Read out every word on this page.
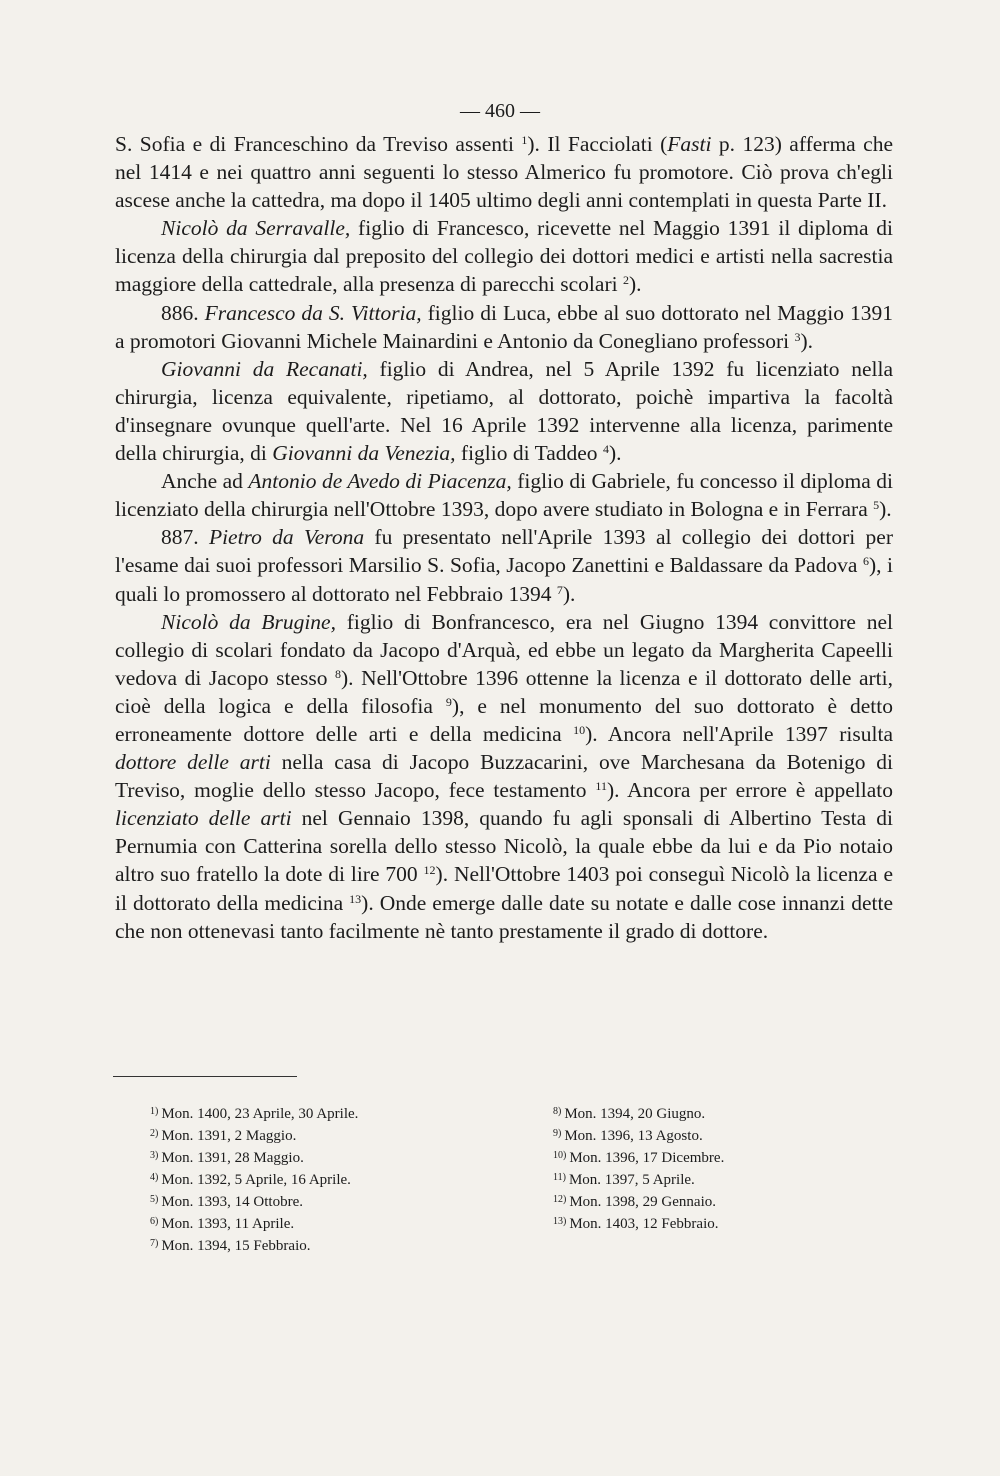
— 460 —

S. Sofia e di Franceschino da Treviso assenti $^1$). Il Facciolati (Fasti p. 123) afferma che nel 1414 e nei quattro anni seguenti lo stesso Almerico fu promotore. Ciò prova ch'egli ascese anche la cattedra, ma dopo il 1405 ultimo degli anni contemplati in questa Parte II.

Nicolò da Serravalle, figlio di Francesco, ricevette nel Maggio 1391 il diploma di licenza della chirurgia dal preposito del collegio dei dottori medici e artisti nella sacrestia maggiore della cattedrale, alla presenza di parecchi scolari $^2$).

886. Francesco da S. Vittoria, figlio di Luca, ebbe al suo dottorato nel Maggio 1391 a promotori Giovanni Michele Mainardini e Antonio da Conegliano professori $^3$).

Giovanni da Recanati, figlio di Andrea, nel 5 Aprile 1392 fu licenziato nella chirurgia, licenza equivalente, ripetiamo, al dottorato, poichè impartiva la facoltà d'insegnare ovunque quell'arte. Nel 16 Aprile 1392 intervenne alla licenza, parimente della chirurgia, di Giovanni da Venezia, figlio di Taddeo $^4$).

Anche ad Antonio de Avedo di Piacenza, figlio di Gabriele, fu concesso il diploma di licenziato della chirurgia nell'Ottobre 1393, dopo avere studiato in Bologna e in Ferrara $^5$).

887. Pietro da Verona fu presentato nell'Aprile 1393 al collegio dei dottori per l'esame dai suoi professori Marsilio S. Sofia, Jacopo Zanettini e Baldassare da Padova $^6$), i quali lo promossero al dottorato nel Febbraio 1394 $^7$).

Nicolò da Brugine, figlio di Bonfrancesco, era nel Giugno 1394 convittore nel collegio di scolari fondato da Jacopo d'Arquà, ed ebbe un legato da Margherita Capeelli vedova di Jacopo stesso $^8$). Nell'Ottobre 1396 ottenne la licenza e il dottorato delle arti, cioè della logica e della filosofia $^9$), e nel monumento del suo dottorato è detto erroneamente dottore delle arti e della medicina $^{10}$). Ancora nell'Aprile 1397 risulta dottore delle arti nella casa di Jacopo Buzzacarini, ove Marchesana da Botenigo di Treviso, moglie dello stesso Jacopo, fece testamento $^{11}$). Ancora per errore è appellato licenziato delle arti nel Gennaio 1398, quando fu agli sponsali di Albertino Testa di Pernumia con Catterina sorella dello stesso Nicolò, la quale ebbe da lui e da Pio notaio altro suo fratello la dote di lire 700 $^{12}$). Nell'Ottobre 1403 poi conseguì Nicolò la licenza e il dottorato della medicina $^{13}$). Onde emerge dalle date su notate e dalle cose innanzi dette che non ottenevasi tanto facilmente nè tanto prestamente il grado di dottore.

$^{1)}$ Mon. 1400, 23 Aprile, 30 Aprile.
$^{2)}$ Mon. 1391, 2 Maggio.
$^{3)}$ Mon. 1391, 28 Maggio.
$^{4)}$ Mon. 1392, 5 Aprile, 16 Aprile.
$^{5)}$ Mon. 1393, 14 Ottobre.
$^{6)}$ Mon. 1393, 11 Aprile.
$^{7)}$ Mon. 1394, 15 Febbraio.
$^{8)}$ Mon. 1394, 20 Giugno.
$^{9)}$ Mon. 1396, 13 Agosto.
$^{10)}$ Mon. 1396, 17 Dicembre.
$^{11)}$ Mon. 1397, 5 Aprile.
$^{12)}$ Mon. 1398, 29 Gennaio.
$^{13)}$ Mon. 1403, 12 Febbraio.
